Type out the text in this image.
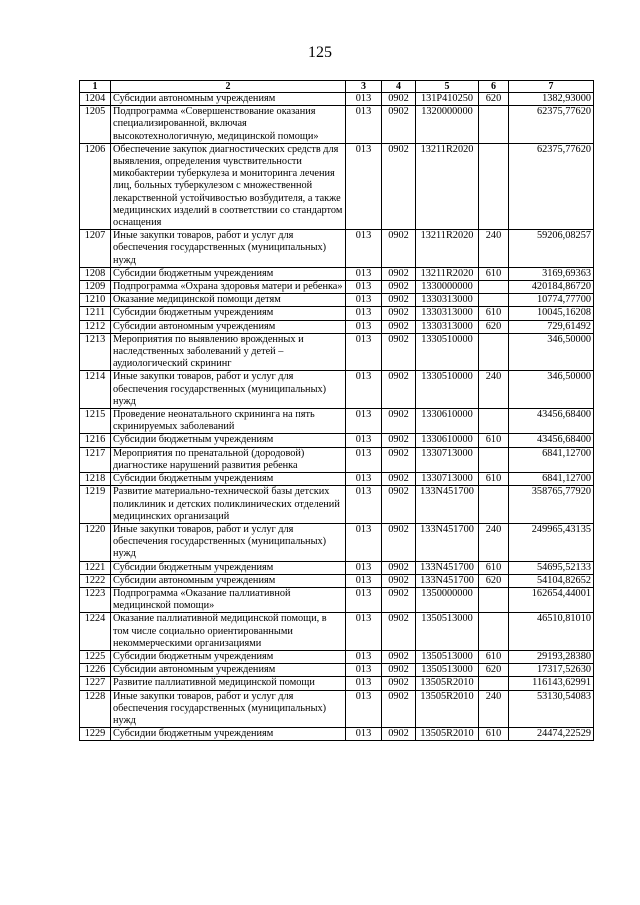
125
1	2	3	4	5	6	7
1204	Субсидии автономным учреждениям	013	0902	131P410250	620	1382,93000
1205	Подпрограмма «Совершенствование оказания специализированной, включая высокотехнологичную, медицинской помощи»	013	0902	1320000000		62375,77620
1206	Обеспечение закупок диагностических средств для выявления, определения чувствительности микобактерии туберкулеза и мониторинга лечения лиц, больных туберкулезом с множественной лекарственной устойчивостью возбудителя, а также медицинских изделий в соответствии со стандартом оснащения	013	0902	13211R2020		62375,77620
1207	Иные закупки товаров, работ и услуг для обеспечения государственных (муниципальных) нужд	013	0902	13211R2020	240	59206,08257
1208	Субсидии бюджетным учреждениям	013	0902	13211R2020	610	3169,69363
1209	Подпрограмма «Охрана здоровья матери и ребенка»	013	0902	1330000000		420184,86720
1210	Оказание медицинской помощи детям	013	0902	1330313000		10774,77700
1211	Субсидии бюджетным учреждениям	013	0902	1330313000	610	10045,16208
1212	Субсидии автономным учреждениям	013	0902	1330313000	620	729,61492
1213	Мероприятия по выявлению врожденных и наследственных заболеваний у детей – аудиологический скрининг	013	0902	1330510000		346,50000
1214	Иные закупки товаров, работ и услуг для обеспечения государственных (муниципальных) нужд	013	0902	1330510000	240	346,50000
1215	Проведение неонатального скрининга на пять скринируемых заболеваний	013	0902	1330610000		43456,68400
1216	Субсидии бюджетным учреждениям	013	0902	1330610000	610	43456,68400
1217	Мероприятия по пренатальной (дородовой) диагностике нарушений развития ребенка	013	0902	1330713000		6841,12700
1218	Субсидии бюджетным учреждениям	013	0902	1330713000	610	6841,12700
1219	Развитие материально-технической базы детских поликлиник и детских поликлинических отделений медицинских организаций	013	0902	133N451700		358765,77920
1220	Иные закупки товаров, работ и услуг для обеспечения государственных (муниципальных) нужд	013	0902	133N451700	240	249965,43135
1221	Субсидии бюджетным учреждениям	013	0902	133N451700	610	54695,52133
1222	Субсидии автономным учреждениям	013	0902	133N451700	620	54104,82652
1223	Подпрограмма «Оказание паллиативной медицинской помощи»	013	0902	1350000000		162654,44001
1224	Оказание паллиативной медицинской помощи, в том числе социально ориентированными некоммерческими организациями	013	0902	1350513000		46510,81010
1225	Субсидии бюджетным учреждениям	013	0902	1350513000	610	29193,28380
1226	Субсидии автономным учреждениям	013	0902	1350513000	620	17317,52630
1227	Развитие паллиативной медицинской помощи	013	0902	13505R2010		116143,62991
1228	Иные закупки товаров, работ и услуг для обеспечения государственных (муниципальных) нужд	013	0902	13505R2010	240	53130,54083
1229	Субсидии бюджетным учреждениям	013	0902	13505R2010	610	24474,22529
